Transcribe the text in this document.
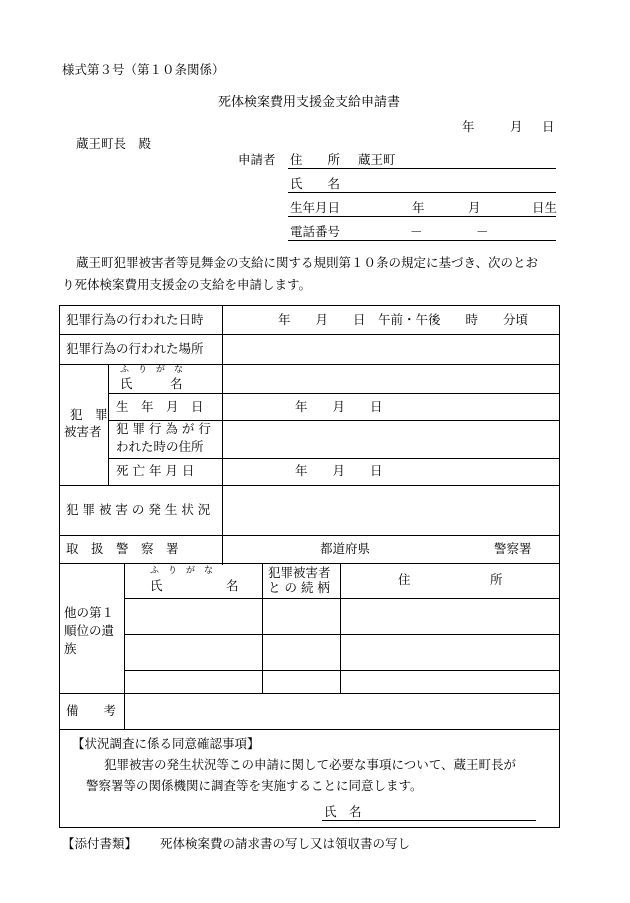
様式第３号（第１０条関係）
死体検案費用支援金支給申請書
年	月 日
蔵王町長　殿
申請者 住　　所 蔵王町
氏　　名
生年月日	年	月	日生
電話番号	－	－
蔵王町犯罪被害者等見舞金の支給に関する規則第１０条の規定に基づき、次のとお
り死体検案費用支援金の支給を申請します。
犯罪行為の行われた日時	年　　月　　日　午前・午後　　時　　分頃
犯罪行為の行われた場所
犯　罪
被害者
ふ　り　が　な
氏　　　名
生　年　月　日	年　　月　　日
犯 罪 行 為 が 行
われた時の住所
死 亡 年 月 日	年　　月　　日
犯 罪 被 害 の 発 生 状 況
取　扱　警　察　署	都道府県	警察署
他の第１
順位の遺
族
ふ　り　が　な
氏	名
犯罪被害者
と の 続 柄
住	所
備　　考
【状況調査に係る同意確認事項】
犯罪被害の発生状況等この申請に関して必要な事項について、蔵王町長が
警察署等の関係機関に調査等を実施することに同意します。
氏　名
【添付書類】 死体検案費の請求書の写し又は領収書の写し
